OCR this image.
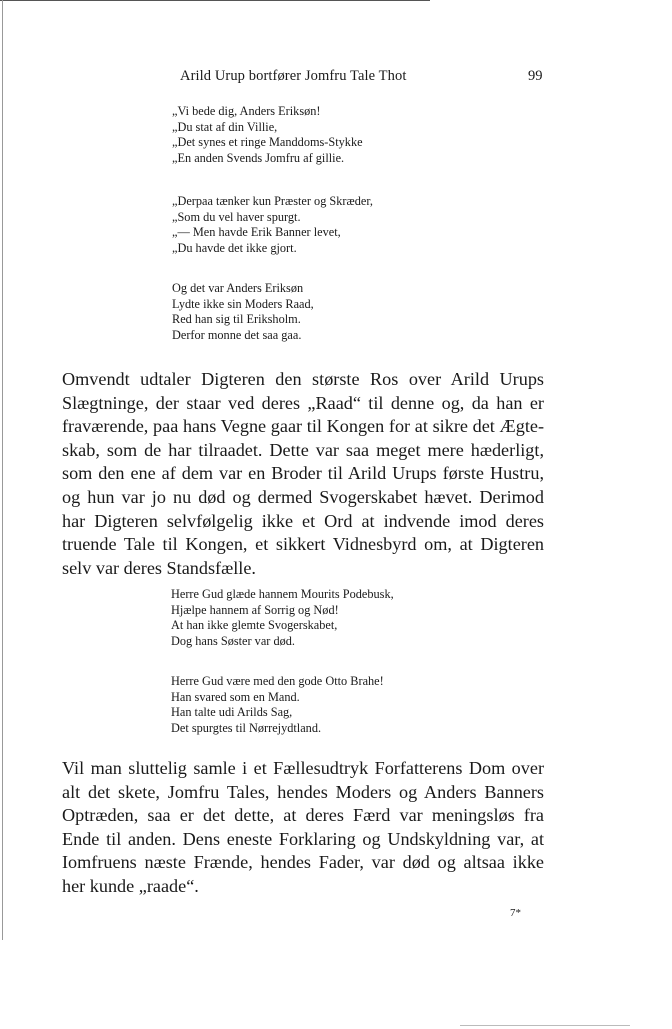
Arild Urup bortfører Jomfru Tale Thot	99
„Vi bede dig, Anders Eriksøn!
„Du stat af din Villie,
„Det synes et ringe Manddoms-Stykke
„En anden Svends Jomfru af gillie.
„Derpaa tænker kun Præster og Skræder,
„Som du vel haver spurgt.
„— Men havde Erik Banner levet,
„Du havde det ikke gjort.
Og det var Anders Eriksøn
Lydte ikke sin Moders Raad,
Red han sig til Eriksholm.
Derfor monne det saa gaa.
Omvendt udtaler Digteren den største Ros over Arild Urups
Slægtninge, der staar ved deres „Raad“ til denne og, da han er
fraværende, paa hans Vegne gaar til Kongen for at sikre det Ægte-
skab, som de har tilraadet. Dette var saa meget mere hæderligt,
som den ene af dem var en Broder til Arild Urups første Hustru,
og hun var jo nu død og dermed Svogerskabet hævet. Derimod
har Digteren selvfølgelig ikke et Ord at indvende imod deres
truende Tale til Kongen, et sikkert Vidnesbyrd om, at Digteren
selv var deres Standsfælle.
Herre Gud glæde hannem Mourits Podebusk,
Hjælpe hannem af Sorrig og Nød!
At han ikke glemte Svogerskabet,
Dog hans Søster var død.
Herre Gud være med den gode Otto Brahe!
Han svared som en Mand.
Han talte udi Arilds Sag,
Det spurgtes til Nørrejydtland.
Vil man sluttelig samle i et Fællesudtryk Forfatterens Dom over
alt det skete, Jomfru Tales, hendes Moders og Anders Banners
Optræden, saa er det dette, at deres Færd var meningsløs fra
Ende til anden. Dens eneste Forklaring og Undskyldning var, at
Iomfruens næste Frænde, hendes Fader, var død og altsaa ikke
her kunde „raade“.
7*
